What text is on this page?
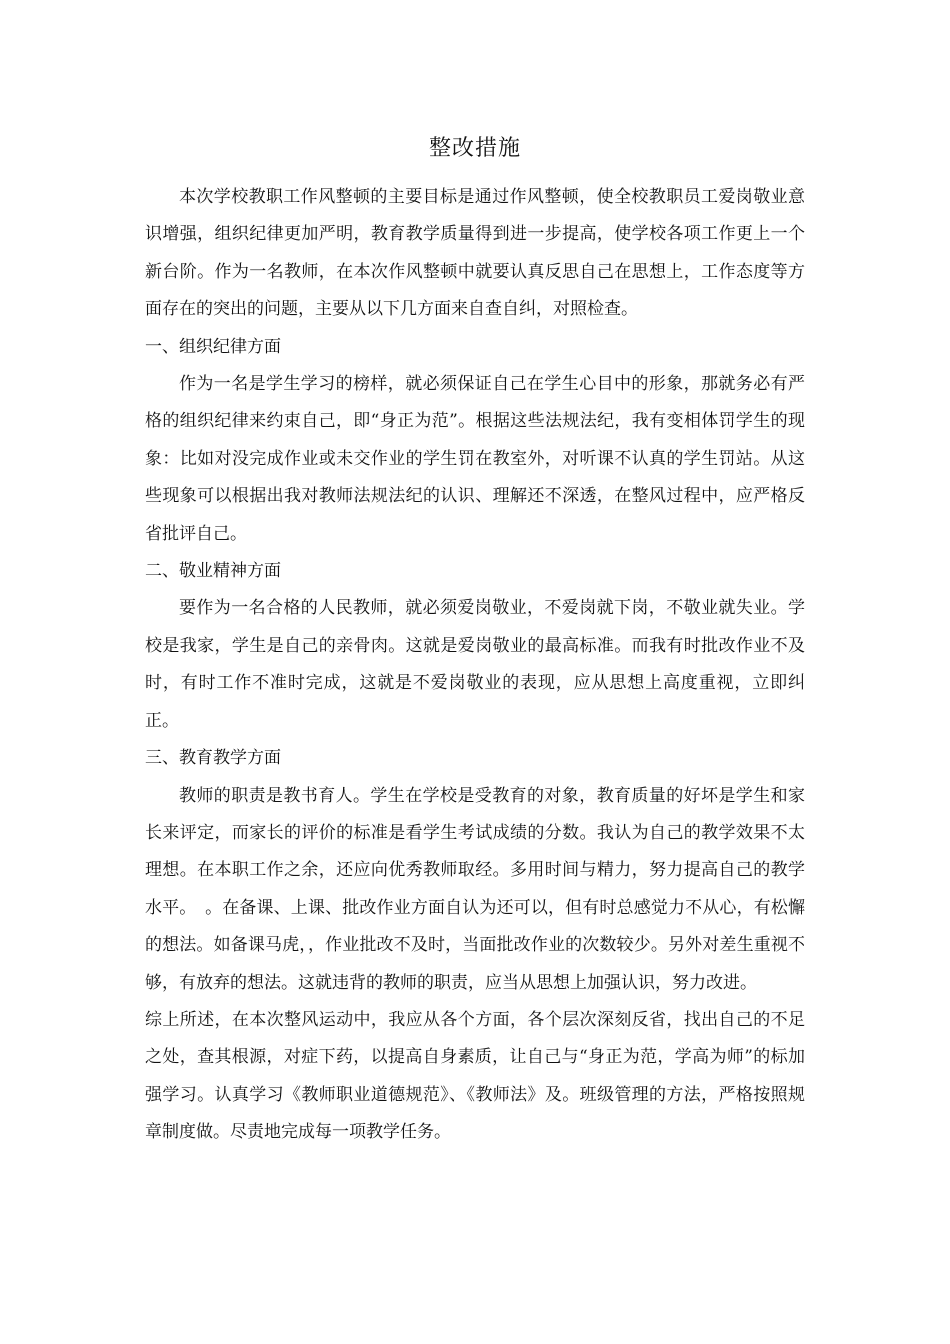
整改措施

本次学校教职工作风整顿的主要目标是通过作风整顿，使全校教职员工爱岗敬业意识增强，组织纪律更加严明，教育教学质量得到进一步提高，使学校各项工作更上一个新台阶。作为一名教师，在本次作风整顿中就要认真反思自己在思想上，工作态度等方面存在的突出的问题，主要从以下几方面来自查自纠，对照检查。

一、组织纪律方面

作为一名是学生学习的榜样，就必须保证自己在学生心目中的形象，那就务必有严格的组织纪律来约束自己，即“身正为范”。根据这些法规法纪，我有变相体罚学生的现象：比如对没完成作业或未交作业的学生罚在教室外，对听课不认真的学生罚站。从这些现象可以根据出我对教师法规法纪的认识、理解还不深透，在整风过程中，应严格反省批评自己。

二、敬业精神方面

要作为一名合格的人民教师，就必须爱岗敬业，不爱岗就下岗，不敬业就失业。学校是我家，学生是自己的亲骨肉。这就是爱岗敬业的最高标准。而我有时批改作业不及时，有时工作不准时完成，这就是不爱岗敬业的表现，应从思想上高度重视，立即纠正。

三、教育教学方面

教师的职责是教书育人。学生在学校是受教育的对象，教育质量的好坏是学生和家长来评定，而家长的评价的标准是看学生考试成绩的分数。我认为自己的教学效果不太理想。在本职工作之余，还应向优秀教师取经。多用时间与精力，努力提高自己的教学水平。　。在备课、上课、批改作业方面自认为还可以，但有时总感觉力不从心，有松懈的想法。如备课马虎，，作业批改不及时，当面批改作业的次数较少。另外对差生重视不够，有放弃的想法。这就违背的教师的职责，应当从思想上加强认识，努力改进。

综上所述，在本次整风运动中，我应从各个方面，各个层次深刻反省，找出自己的不足之处，查其根源，对症下药，以提高自身素质，让自己与“身正为范，学高为师”的标加强学习。认真学习《教师职业道德规范》、《教师法》及。班级管理的方法，严格按照规章制度做。尽责地完成每一项教学任务。
